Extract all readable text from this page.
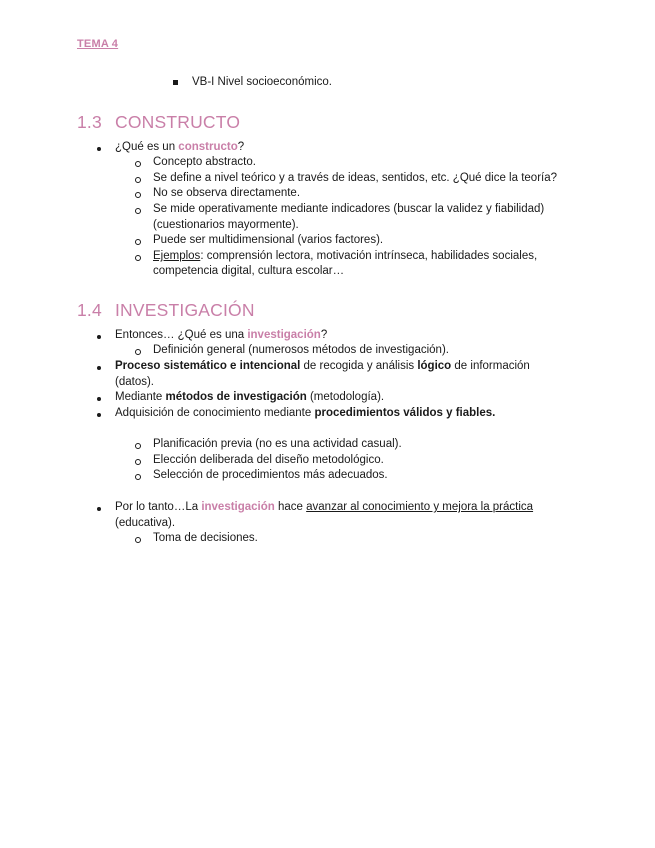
TEMA 4
VB-I Nivel socioeconómico.
1.3 CONSTRUCTO
¿Qué es un constructo?
Concepto abstracto.
Se define a nivel teórico y a través de ideas, sentidos, etc. ¿Qué dice la teoría?
No se observa directamente.
Se mide operativamente mediante indicadores (buscar la validez y fiabilidad)
(cuestionarios mayormente).
Puede ser multidimensional (varios factores).
Ejemplos: comprensión lectora, motivación intrínseca, habilidades sociales,
competencia digital, cultura escolar…
1.4 INVESTIGACIÓN
Entonces… ¿Qué es una investigación?
Definición general (numerosos métodos de investigación).
Proceso sistemático e intencional de recogida y análisis lógico de información
(datos).
Mediante métodos de investigación (metodología).
Adquisición de conocimiento mediante procedimientos válidos y fiables.
Planificación previa (no es una actividad casual).
Elección deliberada del diseño metodológico.
Selección de procedimientos más adecuados.
Por lo tanto…La investigación hace avanzar al conocimiento y mejora la práctica
(educativa).
Toma de decisiones.
